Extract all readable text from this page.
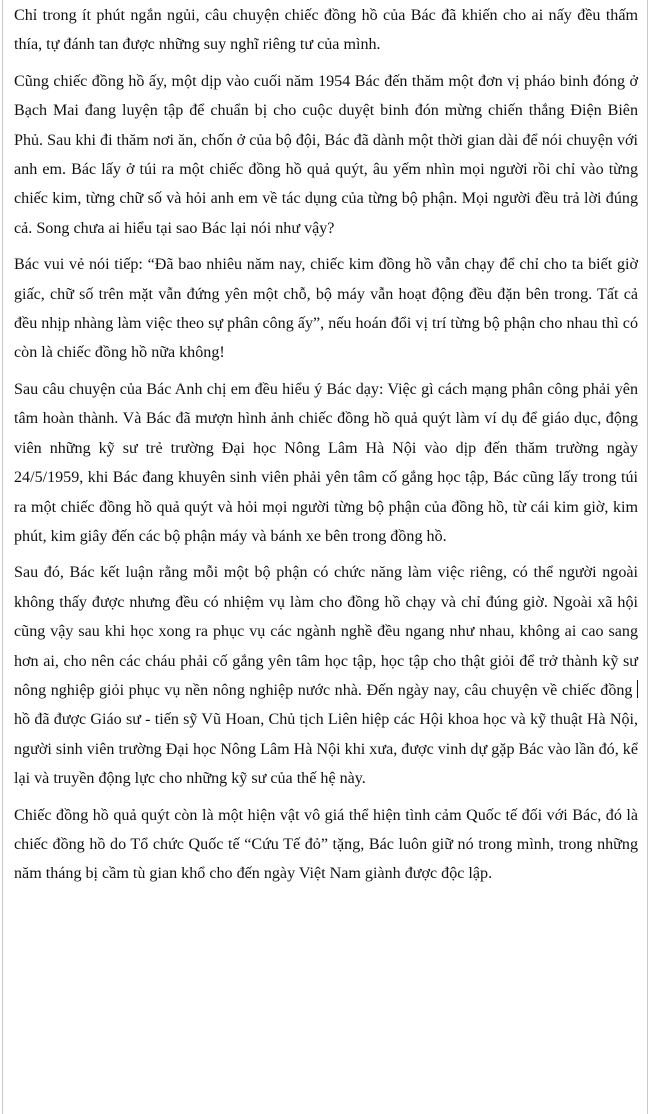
Chỉ trong ít phút ngắn ngủi, câu chuyện chiếc đồng hồ của Bác đã khiến cho ai nấy đều thấm thía, tự đánh tan được những suy nghĩ riêng tư của mình.

Cũng chiếc đồng hồ ấy, một dịp vào cuối năm 1954 Bác đến thăm một đơn vị pháo binh đóng ở Bạch Mai đang luyện tập để chuẩn bị cho cuộc duyệt binh đón mừng chiến thắng Điện Biên Phủ. Sau khi đi thăm nơi ăn, chốn ở của bộ đội, Bác đã dành một thời gian dài để nói chuyện với anh em. Bác lấy ở túi ra một chiếc đồng hồ quả quýt, âu yếm nhìn mọi người rồi chỉ vào từng chiếc kim, từng chữ số và hỏi anh em về tác dụng của từng bộ phận. Mọi người đều trả lời đúng cả. Song chưa ai hiểu tại sao Bác lại nói như vậy?

Bác vui vẻ nói tiếp: “Đã bao nhiêu năm nay, chiếc kim đồng hồ vẫn chạy để chỉ cho ta biết giờ giấc, chữ số trên mặt vẫn đứng yên một chỗ, bộ máy vẫn hoạt động đều đặn bên trong. Tất cả đều nhịp nhàng làm việc theo sự phân công ấy”, nếu hoán đổi vị trí từng bộ phận cho nhau thì có còn là chiếc đồng hồ nữa không!

Sau câu chuyện của Bác Anh chị em đều hiểu ý Bác dạy: Việc gì cách mạng phân công phải yên tâm hoàn thành. Và Bác đã mượn hình ảnh chiếc đồng hồ quả quýt làm ví dụ để giáo dục, động viên những kỹ sư trẻ trường Đại học Nông Lâm Hà Nội vào dịp đến thăm trường ngày 24/5/1959, khi Bác đang khuyên sinh viên phải yên tâm cố gắng học tập, Bác cũng lấy trong túi ra một chiếc đồng hồ quả quýt và hỏi mọi người từng bộ phận của đồng hồ, từ cái kim giờ, kim phút, kim giây đến các bộ phận máy và bánh xe bên trong đồng hồ.

Sau đó, Bác kết luận rằng mỗi một bộ phận có chức năng làm việc riêng, có thể người ngoài không thấy được nhưng đều có nhiệm vụ làm cho đồng hồ chạy và chỉ đúng giờ. Ngoài xã hội cũng vậy sau khi học xong ra phục vụ các ngành nghề đều ngang như nhau, không ai cao sang hơn ai, cho nên các cháu phải cố gắng yên tâm học tập, học tập cho thật giỏi để trở thành kỹ sư nông nghiệp giỏi phục vụ nền nông nghiệp nước nhà. Đến ngày nay, câu chuyện về chiếc đồng hồ đã được Giáo sư - tiến sỹ Vũ Hoan, Chủ tịch Liên hiệp các Hội khoa học và kỹ thuật Hà Nội, người sinh viên trường Đại học Nông Lâm Hà Nội khi xưa, được vinh dự gặp Bác vào lần đó, kể lại và truyền động lực cho những kỹ sư của thế hệ này.

Chiếc đồng hồ quả quýt còn là một hiện vật vô giá thể hiện tình cảm Quốc tế đối với Bác, đó là chiếc đồng hồ do Tổ chức Quốc tế “Cứu Tế đỏ” tặng, Bác luôn giữ nó trong mình, trong những năm tháng bị cầm tù gian khổ cho đến ngày Việt Nam giành được độc lập.
